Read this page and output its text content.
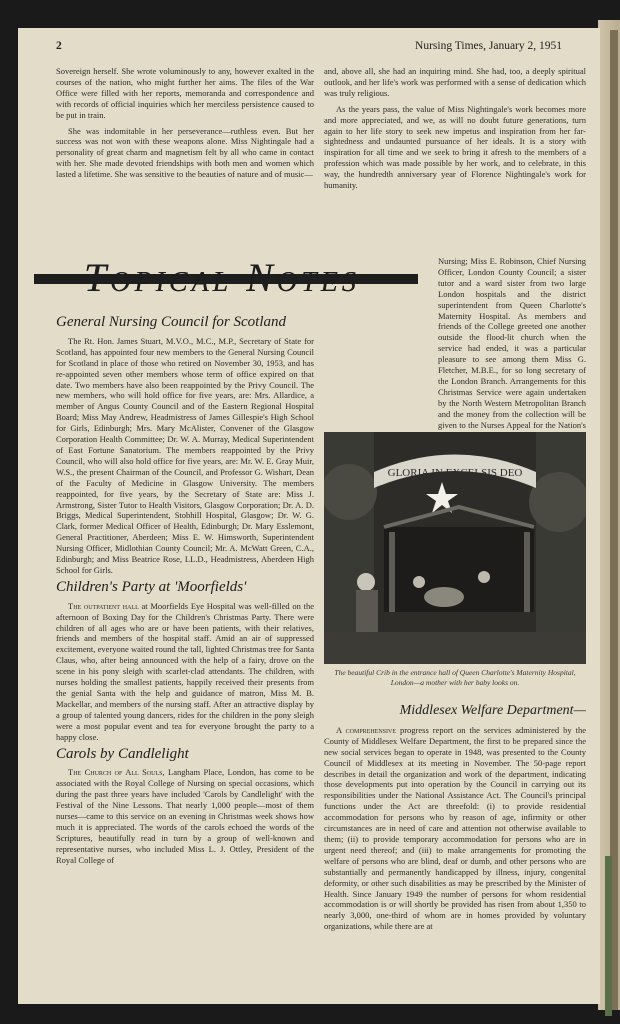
2	Nursing Times, January 2, 1951

Sovereign herself. She wrote voluminously to any, however exalted in the courses of the nation, who might further her aims. The files of the War Office were filled with her reports, memoranda and correspondence and with records of official inquiries which her merciless persistence caused to be put in train.

She was indomitable in her perseverance—ruthless even. But her success was not won with these weapons alone. Miss Nightingale had a personality of great charm and magnetism felt by all who came in contact with her. She made devoted friendships with both men and women which lasted a lifetime. She was sensitive to the beauties of nature and of music—

and, above all, she had an inquiring mind. She had, too, a deeply spiritual outlook, and her life's work was performed with a sense of dedication which was truly religious.

As the years pass, the value of Miss Nightingale's work becomes more and more appreciated, and we, as will no doubt future generations, turn again to her life story to seek new impetus and inspiration from her far-sightedness and undaunted pursuance of her ideals. It is a story with inspiration for all time and we seek to bring it afresh to the members of a profession which was made possible by her work, and to celebrate, in this way, the hundredth anniversary year of Florence Nightingale's work for humanity.

Topical Notes	Nursing; Miss E. Robinson, Chief Nursing Officer, London County Council; a sister tutor and a ward sister from two large London hospitals and the district superintendent from Queen Charlotte's Maternity Hospital. As members and friends of the College greeted one another outside the flood-lit church when the service had ended, it was a particular pleasure to see among them Miss G. Fletcher, M.B.E., for so long secretary of the London Branch. Arrangements for this Christmas Service were again undertaken by the North Western Metropolitan Branch and the money from the collection will be given to the Nurses Appeal for the Nation's

General Nursing Council for Scotland

The Rt. Hon. James Stuart, M.V.O., M.C., M.P., Secretary of State for Scotland, has appointed four new members to the General Nursing Council for Scotland in place of those who retired on November 30, 1953, and has re-appointed seven other members whose term of office expired on that date. Two members have also been reappointed by the Privy Council. The new members, who will hold office for five years, are: Mrs. Allardice, a member of Angus County Council and of the Eastern Regional Hospital Board; Miss May Andrew, Headmistress of James Gillespie's High School for Girls, Edinburgh; Mrs. Mary McAlister, Convener of the Glasgow Corporation Health Committee; Dr. W. A. Murray, Medical Superintendent of East Fortune Sanatorium. The members reappointed by the Privy Council, who will also hold office for five years, are: Mr. W. E. Gray Muir, W.S., the present Chairman of the Council, and Professor G. Wishart, Dean of the Faculty of Medicine in Glasgow University. The members reappointed, for five years, by the Secretary of State are: Miss J. Armstrong, Sister Tutor to Health Visitors, Glasgow Corporation; Dr. A. D. Briggs, Medical Superintendent, Stobhill Hospital, Glasgow; Dr. W. G. Clark, former Medical Officer of Health, Edinburgh; Dr. Mary Esslemont, General Practitioner, Aberdeen; Miss E. W. Himsworth, Superintendent Nursing Officer, Midlothian County Council; Mr. A. McWatt Green, C.A., Edinburgh; and Miss Beatrice Rose, LL.D., Headmistress, Aberdeen High School for Girls.

Children's Party at 'Moorfields'

The outpatient hall at Moorfields Eye Hospital was well-filled on the afternoon of Boxing Day for the Children's Christmas Party. There were children of all ages who are or have been patients, with their relatives, friends and members of the hospital staff. Amid an air of suppressed excitement, everyone waited round the tall, lighted Christmas tree for Santa Claus, who, after being announced with the help of a fairy, drove on the scene in his pony sleigh with scarlet-clad attendants. The children, with nurses holding the smallest patients, happily received their presents from the genial Santa with the help and guidance of matron, Miss M. B. Mackellar, and members of the nursing staff. After an attractive display by a group of talented young dancers, rides for the children in the pony sleigh were a most popular event and tea for everyone brought the party to a happy close.

Carols by Candlelight

The Church of All Souls, Langham Place, London, has come to be associated with the Royal College of Nursing on special occasions, which during the past three years have included 'Carols by Candlelight' with the Festival of the Nine Lessons. That nearly 1,000 people—most of them nurses—came to this service on an evening in Christmas week shows how much it is appreciated. The words of the carols echoed the words of the Scriptures, beautifully read in turn by a group of well-known and representative nurses, who included Miss L. J. Ottley, President of the Royal College of

GLORIA IN EXCELSIS DEO
The beautiful Crib in the entrance hall of Queen Charlotte's Maternity Hospital, London—a mother with her baby looks on.
Middlesex Welfare Department—

A comprehensive progress report on the services administered by the County of Middlesex Welfare Department, the first to be prepared since the new social services began to operate in 1948, was presented to the County Council of Middlesex at its meeting in November. The 50-page report describes in detail the organization and work of the department, indicating those developments put into operation by the Council in carrying out its responsibilities under the National Assistance Act. The Council's principal functions under the Act are threefold: (i) to provide residential accommodation for persons who by reason of age, infirmity or other circumstances are in need of care and attention not otherwise available to them; (ii) to provide temporary accommodation for persons who are in urgent need thereof; and (iii) to make arrangements for promoting the welfare of persons who are blind, deaf or dumb, and other persons who are substantially and permanently handicapped by illness, injury, congenital deformity, or other such disabilities as may be prescribed by the Minister of Health. Since January 1949 the number of persons for whom residential accommodation is or will shortly be provided has risen from about 1,350 to nearly 3,000, one-third of whom are in homes provided by voluntary organizations, while there are at
